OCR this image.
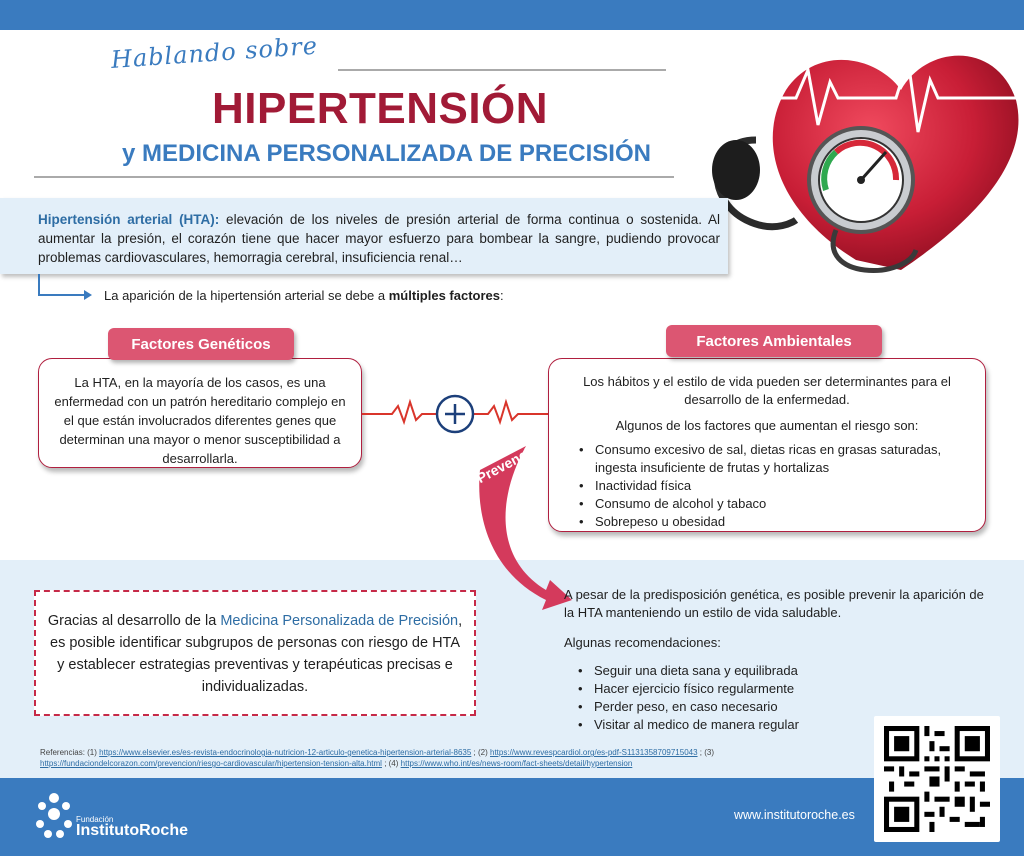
Hablando sobre
HIPERTENSIÓN
y MEDICINA PERSONALIZADA DE PRECISIÓN
Hipertensión arterial (HTA): elevación de los niveles de presión arterial de forma continua o sostenida. Al aumentar la presión, el corazón tiene que hacer mayor esfuerzo para bombear la sangre, pudiendo provocar problemas cardiovasculares, hemorragia cerebral, insuficiencia renal…
La aparición de la hipertensión arterial se debe a múltiples factores:
Factores Genéticos

La HTA, en la mayoría de los casos, es una enfermedad con un patrón hereditario complejo en el que están involucrados diferentes genes que determinan una mayor o menor susceptibilidad a desarrollarla.

Factores Ambientales

Los hábitos y el estilo de vida pueden ser determinantes para el desarrollo de la enfermedad.

Algunos de los factores que aumentan el riesgo son:

• Consumo excesivo de sal, dietas ricas en grasas saturadas, ingesta insuficiente de frutas y hortalizas
• Inactividad física
• Consumo de alcohol y tabaco
• Sobrepeso u obesidad
Prevención
Gracias al desarrollo de la Medicina Personalizada de Precisión, es posible identificar subgrupos de personas con riesgo de HTA y establecer estrategias preventivas y terapéuticas precisas e individualizadas.

A pesar de la predisposición genética, es posible prevenir la aparición de la HTA manteniendo un estilo de vida saludable.

Algunas recomendaciones:

• Seguir una dieta sana y equilibrada
• Hacer ejercicio físico regularmente
• Perder peso, en caso necesario
• Visitar al medico de manera regular
Referencias: (1) https://www.elsevier.es/es-revista-endocrinologia-nutricion-12-articulo-genetica-hipertension-arterial-8635 ; (2) https://www.revespcardiol.org/es-pdf-S1131358709715043 ; (3) https://fundaciondelcorazon.com/prevencion/riesgo-cardiovascular/hipertension-tension-alta.html ; (4) https://www.who.int/es/news-room/fact-sheets/detail/hypertension
Fundación
InstitutoRoche
www.institutoroche.es
